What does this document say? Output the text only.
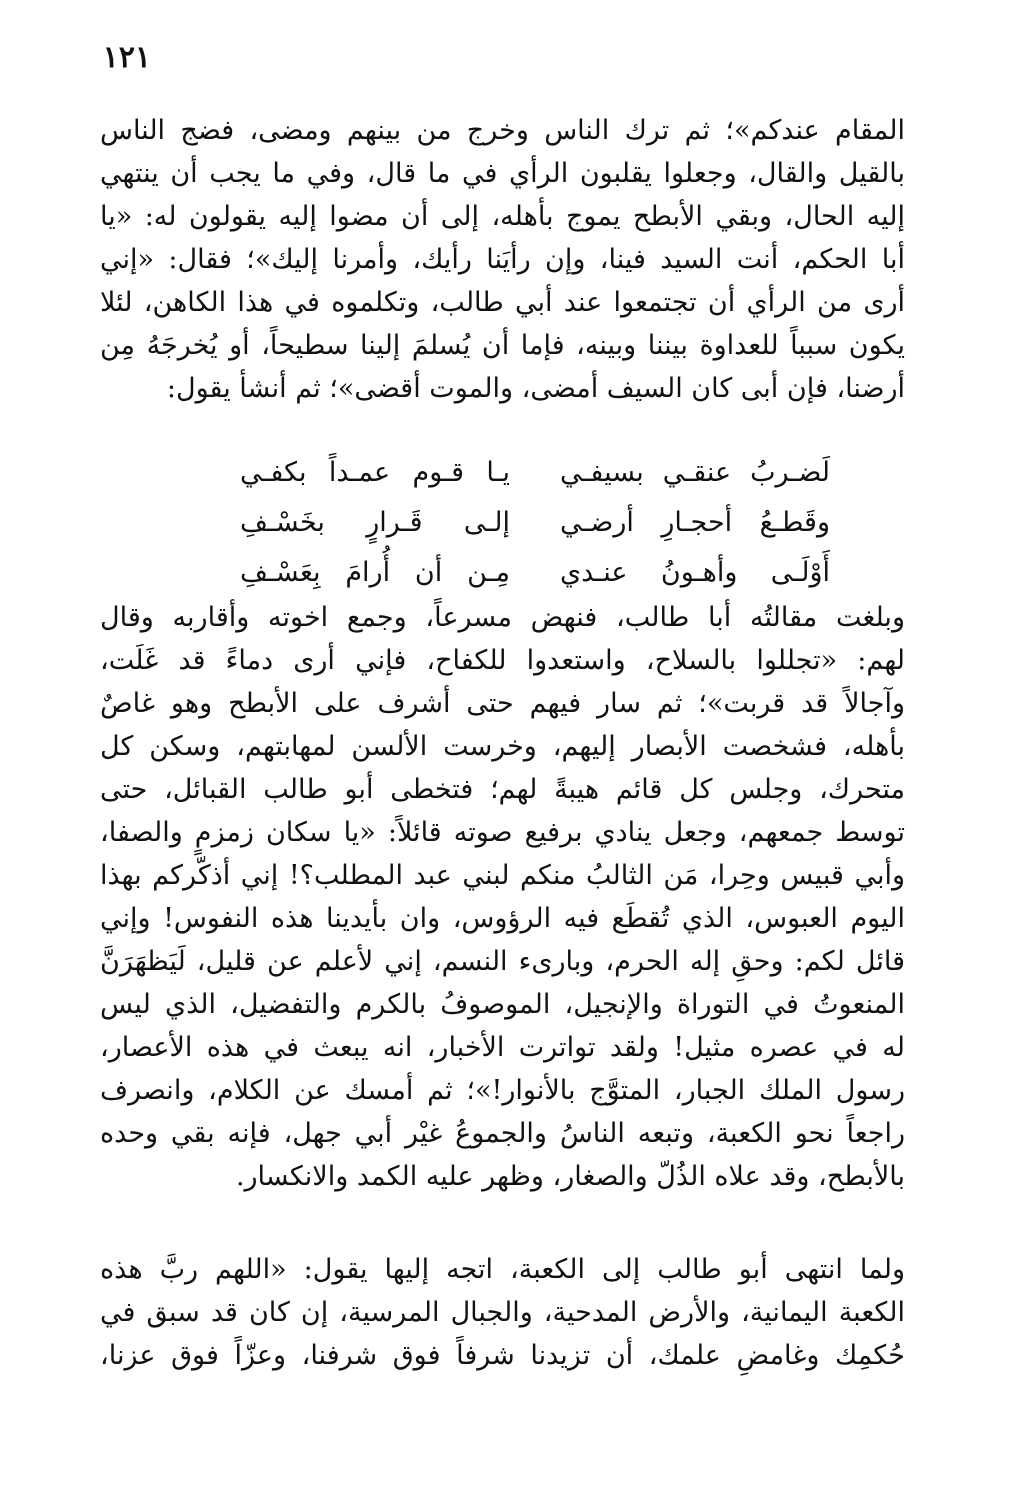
١٢١
المقام عندكم»؛ ثم ترك الناس وخرج من بينهم ومضى، فضج الناس
بالقيل والقال، وجعلوا يقلبون الرأي في ما قال، وفي ما يجب أن ينتهي
إليه الحال، وبقي الأبطح يموج بأهله، إلى أن مضوا إليه يقولون له: «يا
أبا الحكم، أنت السيد فينا، وإن رأيَنا رأيك، وأمرنا إليك»؛ فقال: «إني
أرى من الرأي أن تجتمعوا عند أبي طالب، وتكلموه في هذا الكاهن، لئلا
يكون سبباً للعداوة بيننا وبينه، فإما أن يُسلمَ إلينا سطيحاً، أو يُخرجَهُ مِن
أرضنا، فإن أبى كان السيف أمضى، والموت أقضى»؛ ثم أنشأ يقول:
لَضـربُ عنقـي بسيفـي
يـا قـوم عمـداً بكفـي
وقَطـعُ أحجـارِ أرضـي
إلـى قَـرارٍ بخَسْـفِ
أَوْلَـى وأهـونُ عنـدي
مِـن أن أُرامَ بِعَسْـفِ
وبلغت مقالتُه أبا طالب، فنهض مسرعاً، وجمع اخوته وأقاربه وقال
لهم: «تجللوا بالسلاح، واستعدوا للكفاح، فإني أرى دماءً قد غَلَت،
وآجالاً قد قربت»؛ ثم سار فيهم حتى أشرف على الأبطح وهو غاصٌ
بأهله، فشخصت الأبصار إليهم، وخرست الألسن لمهابتهم، وسكن كل
متحرك، وجلس كل قائم هيبةً لهم؛ فتخطى أبو طالب القبائل، حتى
توسط جمعهم، وجعل ينادي برفيع صوته قائلاً: «يا سكان زمزمٍ والصفا،
وأبي قبيس وحِرا، مَن الثالبُ منكم لبني عبد المطلب؟! إني أذكّركم بهذا
اليوم العبوس، الذي تُقطَع فيه الرؤوس، وان بأيدينا هذه النفوس! وإني
قائل لكم: وحقِ إله الحرم، وبارىء النسم، إني لأعلم عن قليل، لَيَظهَرَنَّ
المنعوتُ في التوراة والإنجيل، الموصوفُ بالكرم والتفضيل، الذي ليس
له في عصره مثيل! ولقد تواترت الأخبار، انه يبعث في هذه الأعصار،
رسول الملك الجبار، المتوَّج بالأنوار!»؛ ثم أمسك عن الكلام، وانصرف
راجعاً نحو الكعبة، وتبعه الناسُ والجموعُ غيْر أبي جهل، فإنه بقي وحده
بالأبطح، وقد علاه الذُلّ والصغار، وظهر عليه الكمد والانكسار.
ولما انتهى أبو طالب إلى الكعبة، اتجه إليها يقول: «اللهم ربَّ هذه
الكعبة اليمانية، والأرض المدحية، والجبال المرسية، إن كان قد سبق في
حُكمِك وغامضِ علمك، أن تزيدنا شرفاً فوق شرفنا، وعزّاً فوق عزنا،
